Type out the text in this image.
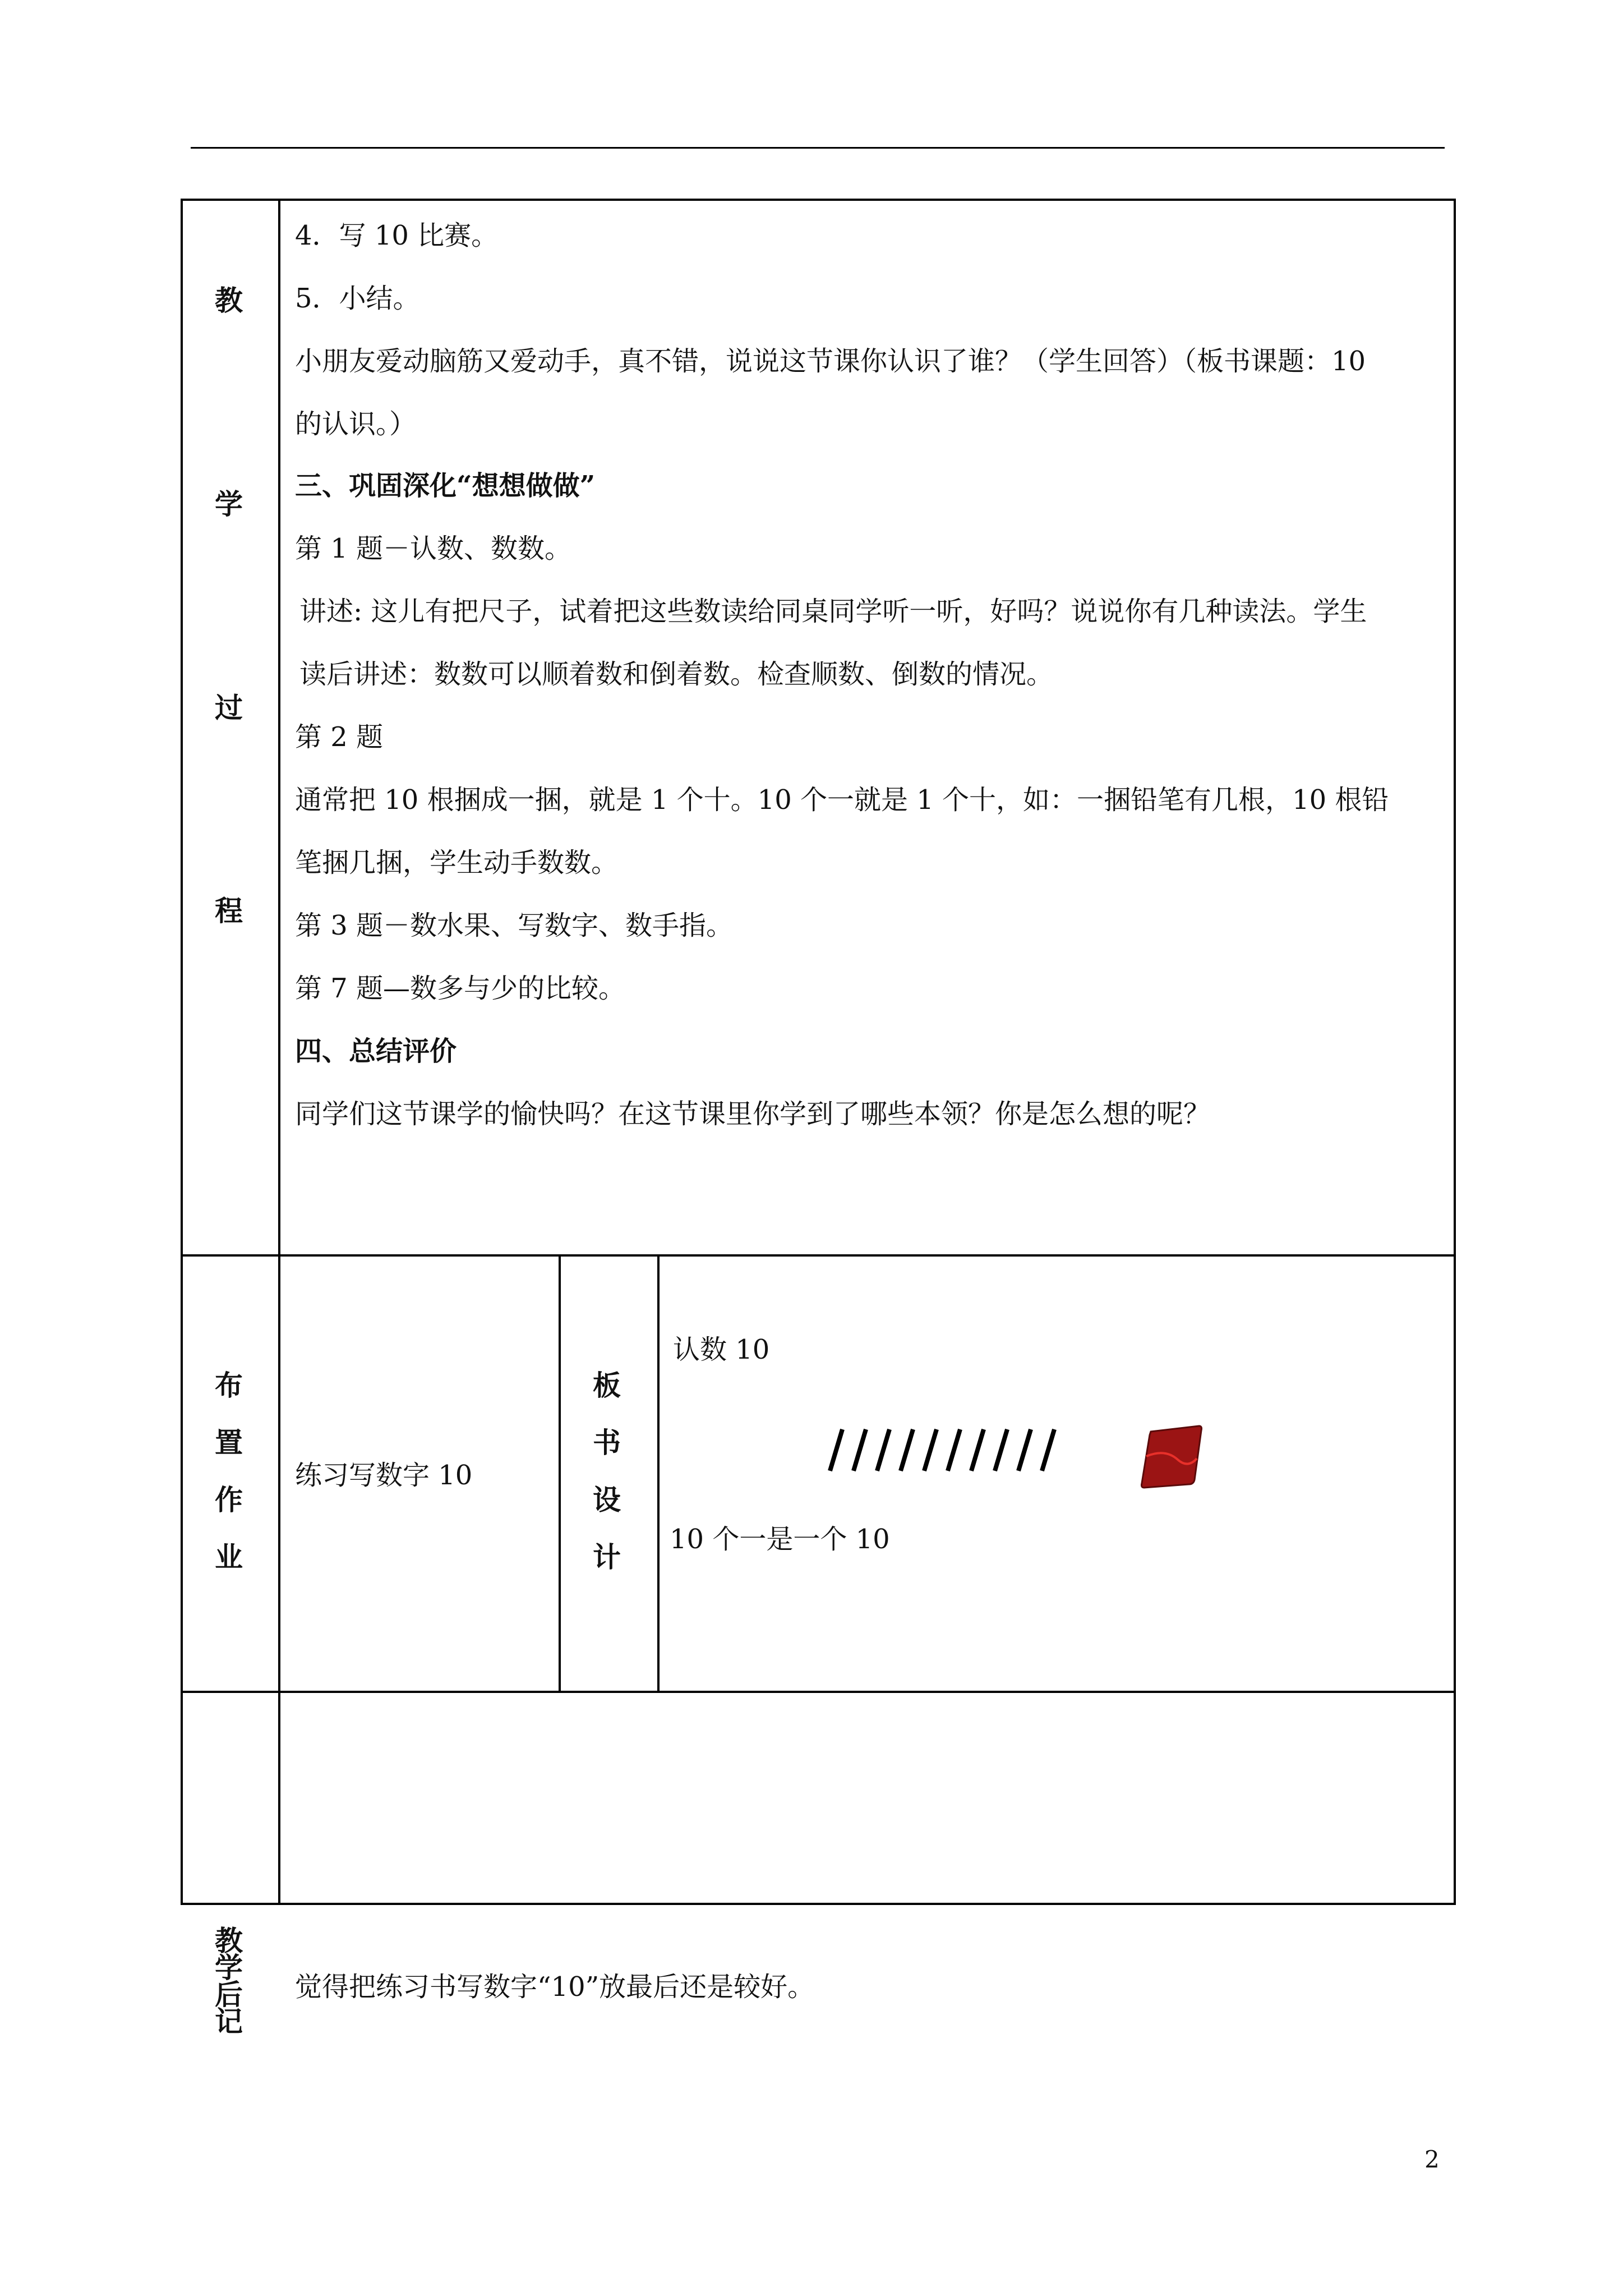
教
学
过
程
4．写 10 比赛。
5．小结。
小朋友爱动脑筋又爱动手，真不错，说说这节课你认识了谁？（学生回答）（板书课题：10
的认识。）
三、巩固深化“想想做做”
第 1 题－认数、数数。
讲述: 这儿有把尺子，试着把这些数读给同桌同学听一听，好吗？说说你有几种读法。学生
读后讲述：数数可以顺着数和倒着数。检查顺数、倒数的情况。
第 2 题
通常把 10 根捆成一捆，就是 1 个十。10 个一就是 1 个十，如：一捆铅笔有几根，10 根铅
笔捆几捆，学生动手数数。
第 3 题－数水果、写数字、数手指。
第 7 题—数多与少的比较。
四、总结评价
同学们这节课学的愉快吗？在这节课里你学到了哪些本领？你是怎么想的呢？
布
置
作
业
练习写数字 10
板
书
设
计
认数 10
10 个一是一个 10
教
学
后
记
觉得把练习书写数字“10”放最后还是较好。
2
